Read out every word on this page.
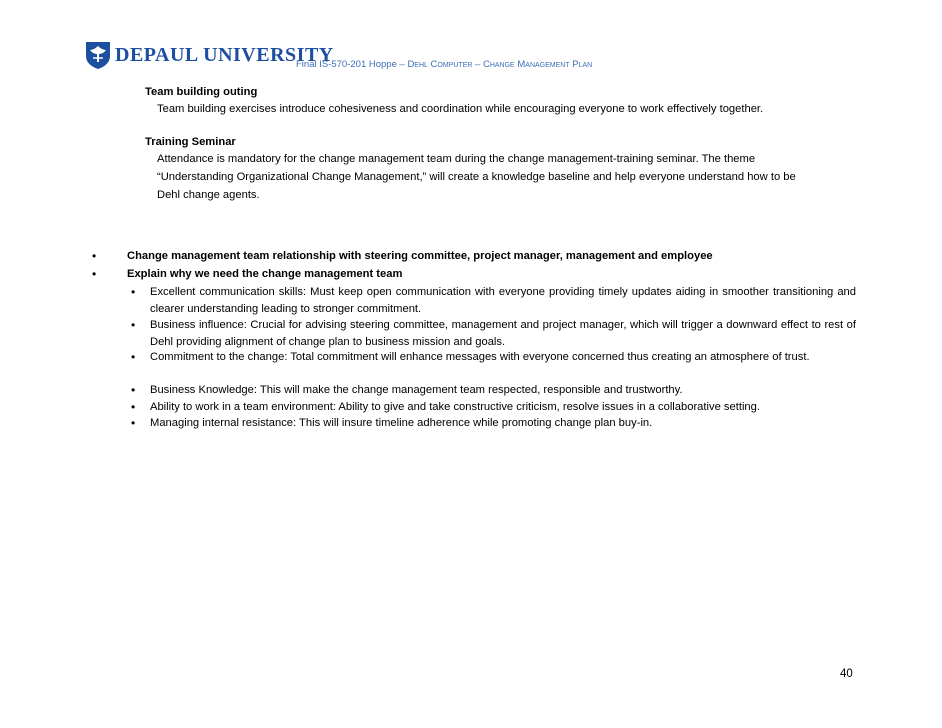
DEPAUL UNIVERSITY
Final IS-570-201 Hoppe – Dehl Computer – Change Management Plan
Team building outing
Team building exercises introduce cohesiveness and coordination while encouraging everyone to work effectively together.
Training Seminar
Attendance is mandatory for the change management team during the change management-training seminar. The theme
“Understanding Organizational Change Management,” will create a knowledge baseline and help everyone understand how to be
Dehl change agents.
•	Change management team relationship with steering committee, project manager, management and employee
•	Explain why we need the change management team
• Excellent communication skills: Must keep open communication with everyone providing timely updates aiding in smoother transitioning and clearer understanding leading to stronger commitment.
• Business influence: Crucial for advising steering committee, management and project manager, which will trigger a downward effect to rest of Dehl providing alignment of change plan to business mission and goals.
• Commitment to the change: Total commitment will enhance messages with everyone concerned thus creating an atmosphere of trust.
• Business Knowledge: This will make the change management team respected, responsible and trustworthy.
• Ability to work in a team environment: Ability to give and take constructive criticism, resolve issues in a collaborative setting.
• Managing internal resistance: This will insure timeline adherence while promoting change plan buy-in.
40
